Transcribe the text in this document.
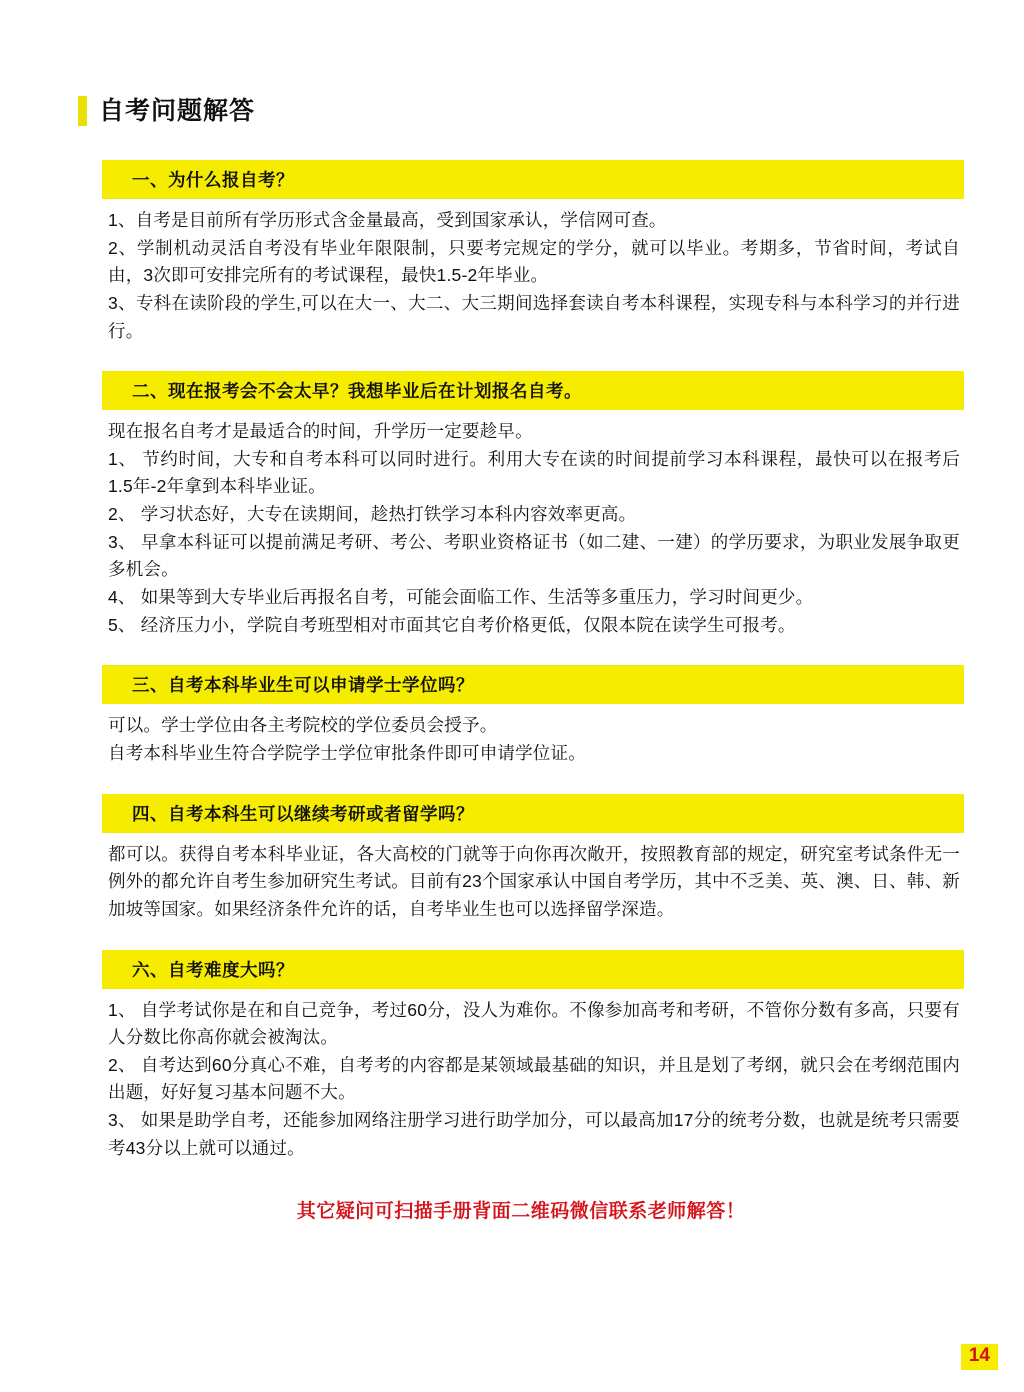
自考问题解答
一、为什么报自考？

1、自考是目前所有学历形式含金量最高，受到国家承认，学信网可查。

2、学制机动灵活自考没有毕业年限限制，只要考完规定的学分，就可以毕业。考期多，节省时间，考试自由，3次即可安排完所有的考试课程，最快1.5-2年毕业。

3、专科在读阶段的学生,可以在大一、大二、大三期间选择套读自考本科课程，实现专科与本科学习的并行进行。

二、现在报考会不会太早？我想毕业后在计划报名自考。

现在报名自考才是最适合的时间，升学历一定要趁早。

1、 节约时间，大专和自考本科可以同时进行。利用大专在读的时间提前学习本科课程，最快可以在报考后1.5年-2年拿到本科毕业证。

2、 学习状态好，大专在读期间，趁热打铁学习本科内容效率更高。

3、 早拿本科证可以提前满足考研、考公、考职业资格证书（如二建、一建）的学历要求，为职业发展争取更多机会。

4、 如果等到大专毕业后再报名自考，可能会面临工作、生活等多重压力，学习时间更少。

5、 经济压力小，学院自考班型相对市面其它自考价格更低，仅限本院在读学生可报考。

三、自考本科毕业生可以申请学士学位吗？

可以。学士学位由各主考院校的学位委员会授予。

自考本科毕业生符合学院学士学位审批条件即可申请学位证。

四、自考本科生可以继续考研或者留学吗？

都可以。获得自考本科毕业证，各大高校的门就等于向你再次敞开，按照教育部的规定，研究室考试条件无一例外的都允许自考生参加研究生考试。目前有23个国家承认中国自考学历，其中不乏美、英、澳、日、韩、新加坡等国家。如果经济条件允许的话，自考毕业生也可以选择留学深造。

六、自考难度大吗？

1、 自学考试你是在和自己竞争，考过60分，没人为难你。不像参加高考和考研，不管你分数有多高，只要有人分数比你高你就会被淘汰。

2、 自考达到60分真心不难，自考考的内容都是某领域最基础的知识，并且是划了考纲，就只会在考纲范围内出题，好好复习基本问题不大。

3、 如果是助学自考，还能参加网络注册学习进行助学加分，可以最高加17分的统考分数，也就是统考只需要考43分以上就可以通过。

其它疑问可扫描手册背面二维码微信联系老师解答！
14
